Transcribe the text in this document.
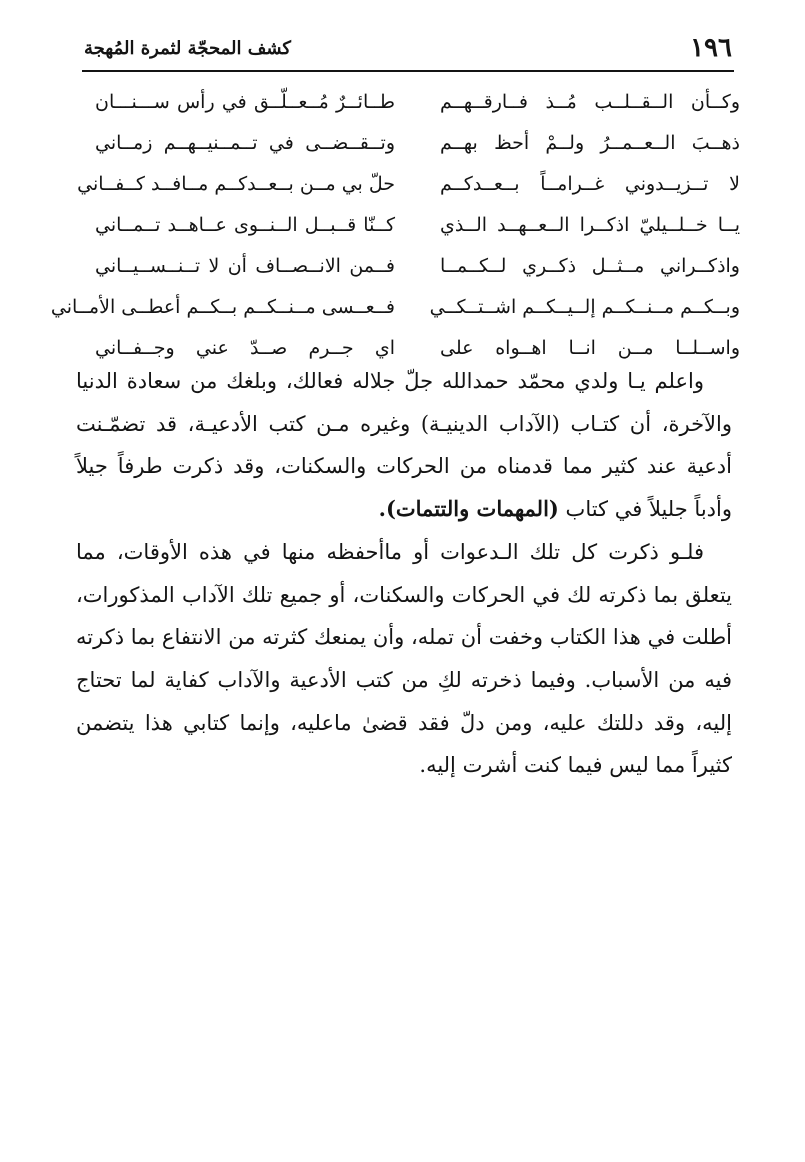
١٩٦
كشف المحجّة لثمرة المُهجة
وكــأن الــقــلــب مُــذ فــارقــهــم
طــائــرٌ مُــعــلّــق في رأس ســـنـــان
ذهــبَ الــعــمــرُ ولــمْ أحظ بهــم
وتــقــضــى في تــمــنيــهــم زمــاني
لا تــزيــدوني غــرامــاً بــعــدكــم
حلّ بي مــن بــعــدكــم مــافــد كــفــاني
يــا خــلــيليّ اذكــرا الــعــهــد الــذي
كــنّا قــبــل الــنــوى عــاهــد تــمــاني
واذكــراني مــثــل ذكــري لــكــمــا
فــمن الانــصــاف أن لا تــنــســيــاني
وبــكــم مــنــكــم إلــيــكــم اشــتــكــي
فــعــسى مــنــكــم بــكــم أعطــى الأمــاني
واســلــا مــن انــا اهــواه على
اي جــرم صــدّ عني وجــفــاني

واعلم يـا ولدي محمّد حمدالله جلّ جلاله فعالك، وبلغك من سعادة الدنيا والآخرة، أن كتـاب (الآداب الدينيـة) وغيره مـن كتب الأدعيـة، قد تضمّـنت أدعية عند كثير مما قدمناه من الحركات والسكنات، وقد ذكرت طرفاً جيلاً وأدباً جليلاً في كتاب (المهمات والتتمات).

فلـو ذكرت كل تلك الـدعوات أو ماأحفظه منها في هذه الأوقات، مما يتعلق بما ذكرته لك في الحركات والسكنات، أو جميع تلك الآداب المذكورات، أطلت في هذا الكتاب وخفت أن تمله، وأن يمنعك كثرته من الانتفاع بما ذكرته فيه من الأسباب. وفيما ذخرته لكِ من كتب الأدعية والآداب كفاية لما تحتاج إليه، وقد دللتك عليه، ومن دلّ فقد قضىٰ ماعليه، وإنما كتابي هذا يتضمن كثيراً مما ليس فيما كنت أشرت إليه.
